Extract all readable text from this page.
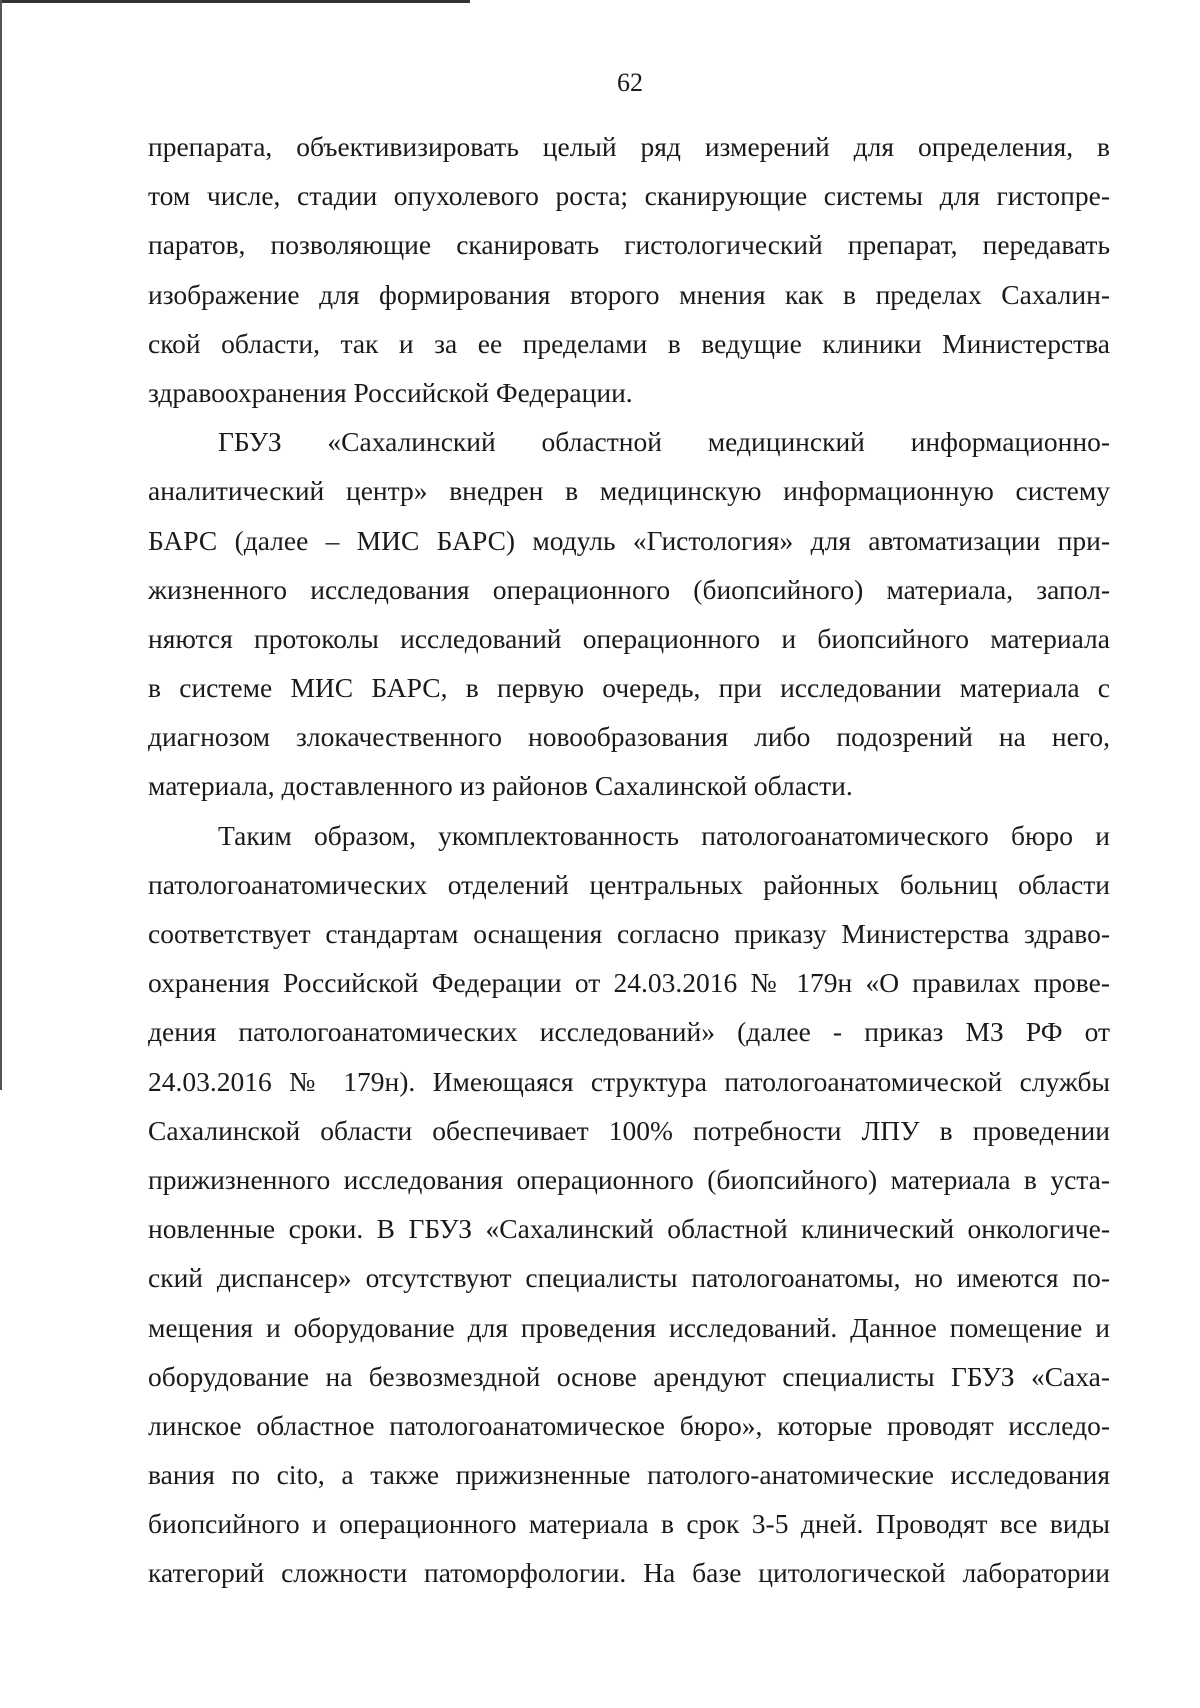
62
препарата, объективизировать целый ряд измерений для определения, в
том числе, стадии опухолевого роста; сканирующие системы для гистопре-
паратов, позволяющие сканировать гистологический препарат, передавать
изображение для формирования второго мнения как в пределах Сахалин-
ской области, так и за ее пределами в ведущие клиники Министерства
здравоохранения Российской Федерации.
ГБУЗ «Сахалинский областной медицинский информационно-
аналитический центр» внедрен в медицинскую информационную систему
БАРС (далее – МИС БАРС) модуль «Гистология» для автоматизации при-
жизненного исследования операционного (биопсийного) материала, запол-
няются протоколы исследований операционного и биопсийного материала
в системе МИС БАРС, в первую очередь, при исследовании материала с
диагнозом злокачественного новообразования либо подозрений на него,
материала, доставленного из районов Сахалинской области.
Таким образом, укомплектованность патологоанатомического бюро и
патологоанатомических отделений центральных районных больниц области
соответствует стандартам оснащения согласно приказу Министерства здраво-
охранения Российской Федерации от 24.03.2016 № 179н «О правилах прове-
дения патологоанатомических исследований» (далее - приказ МЗ РФ от
24.03.2016 № 179н). Имеющаяся структура патологоанатомической службы
Сахалинской области обеспечивает 100% потребности ЛПУ в проведении
прижизненного исследования операционного (биопсийного) материала в уста-
новленные сроки. В ГБУЗ «Сахалинский областной клинический онкологиче-
ский диспансер» отсутствуют специалисты патологоанатомы, но имеются по-
мещения и оборудование для проведения исследований. Данное помещение и
оборудование на безвозмездной основе арендуют специалисты ГБУЗ «Саха-
линское областное патологоанатомическое бюро», которые проводят исследо-
вания по cito, а также прижизненные патолого-анатомические исследования
биопсийного и операционного материала в срок 3-5 дней. Проводят все виды
категорий сложности патоморфологии. На базе цитологической лаборатории
